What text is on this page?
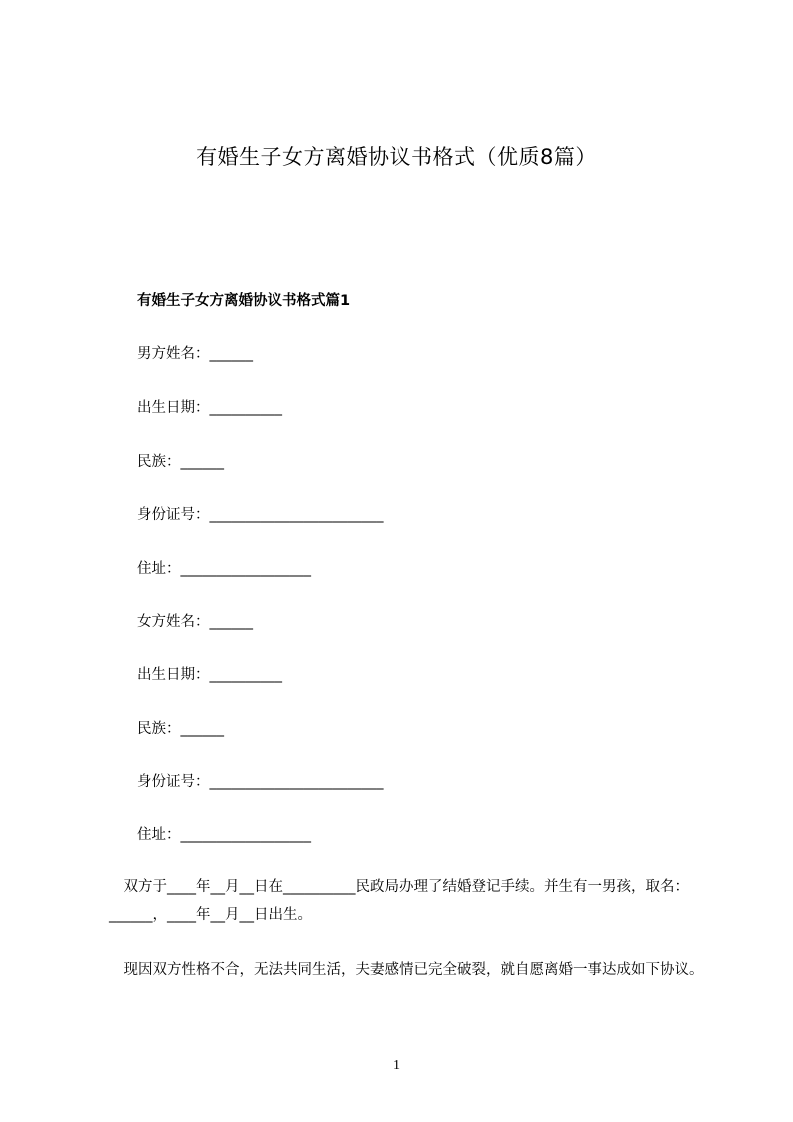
有婚生子女方离婚协议书格式（优质8篇）
有婚生子女方离婚协议书格式篇1
男方姓名：______
出生日期：__________
民族：______
身份证号：________________________
住址：__________________
女方姓名：______
出生日期：__________
民族：______
身份证号：________________________
住址：__________________

　双方于____年__月__日在__________民政局办理了结婚登记手续。并生有一男孩，取名：______，____年__月__日出生。

　现因双方性格不合，无法共同生活，夫妻感情已完全破裂，就自愿离婚一事达成如下协议。

1
